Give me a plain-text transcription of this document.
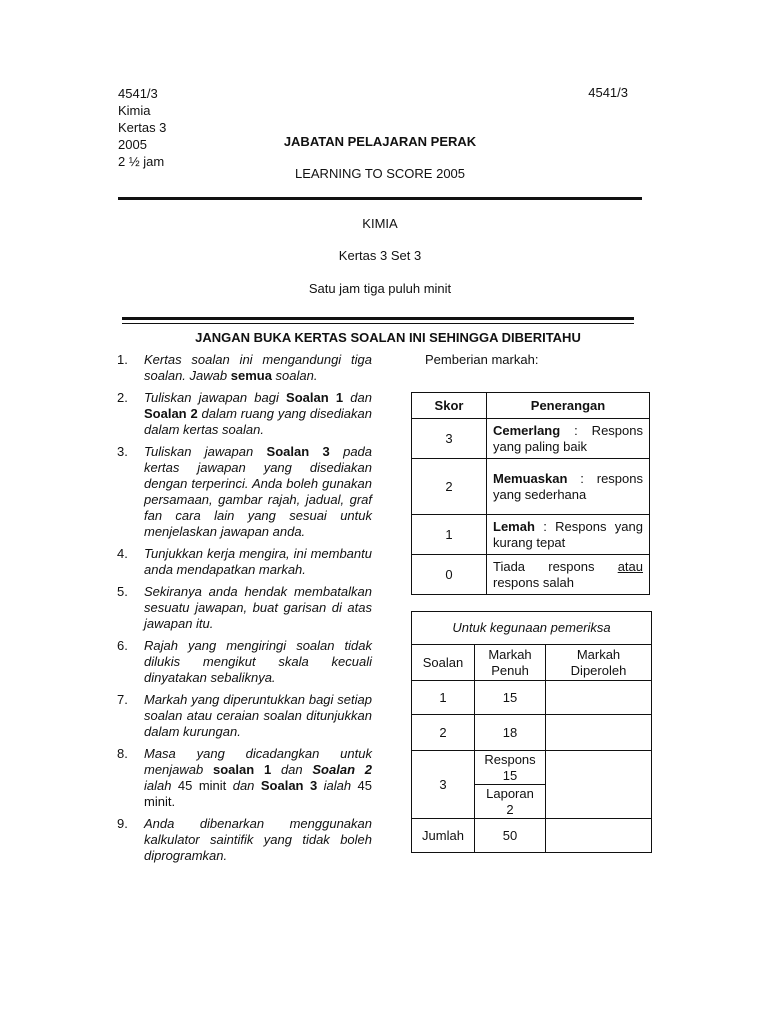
4541/3
Kimia
Kertas 3
2005
2 ½ jam
4541/3
JABATAN PELAJARAN PERAK
LEARNING TO SCORE 2005
KIMIA
Kertas 3 Set 3
Satu jam tiga puluh minit
JANGAN BUKA KERTAS SOALAN INI SEHINGGA DIBERITAHU
1.	Kertas soalan ini mengandungi tiga soalan. Jawab semua soalan.
2.	Tuliskan jawapan bagi Soalan 1 dan Soalan 2 dalam ruang yang disediakan dalam kertas soalan.
3.	Tuliskan jawapan Soalan 3 pada kertas jawapan yang disediakan dengan terperinci. Anda boleh gunakan persamaan, gambar rajah, jadual, graf fan cara lain yang sesuai untuk menjelaskan jawapan anda.
4.	Tunjukkan kerja mengira, ini membantu anda mendapatkan markah.
5.	Sekiranya anda hendak membatalkan sesuatu jawapan, buat garisan di atas jawapan itu.
6.	Rajah yang mengiringi soalan tidak dilukis mengikut skala kecuali dinyatakan sebaliknya.
7.	Markah yang diperuntukkan bagi setiap soalan atau ceraian soalan ditunjukkan dalam kurungan.
8.	Masa yang dicadangkan untuk menjawab soalan 1 dan Soalan 2 ialah 45 minit dan Soalan 3 ialah 45 minit.
9.	Anda dibenarkan menggunakan kalkulator saintifik yang tidak boleh diprogramkan.
Pemberian markah:
Skor	Penerangan
3	Cemerlang : Respons yang paling baik
2	Memuaskan : respons yang sederhana
1	Lemah : Respons yang kurang tepat
0	Tiada respons atau respons salah
Untuk kegunaan pemeriksa		
Soalan	Markah Penuh	Markah Diperoleh
1	15	
2	18	
3	Respons 15	
	Laporan 2	
Jumlah	50	
